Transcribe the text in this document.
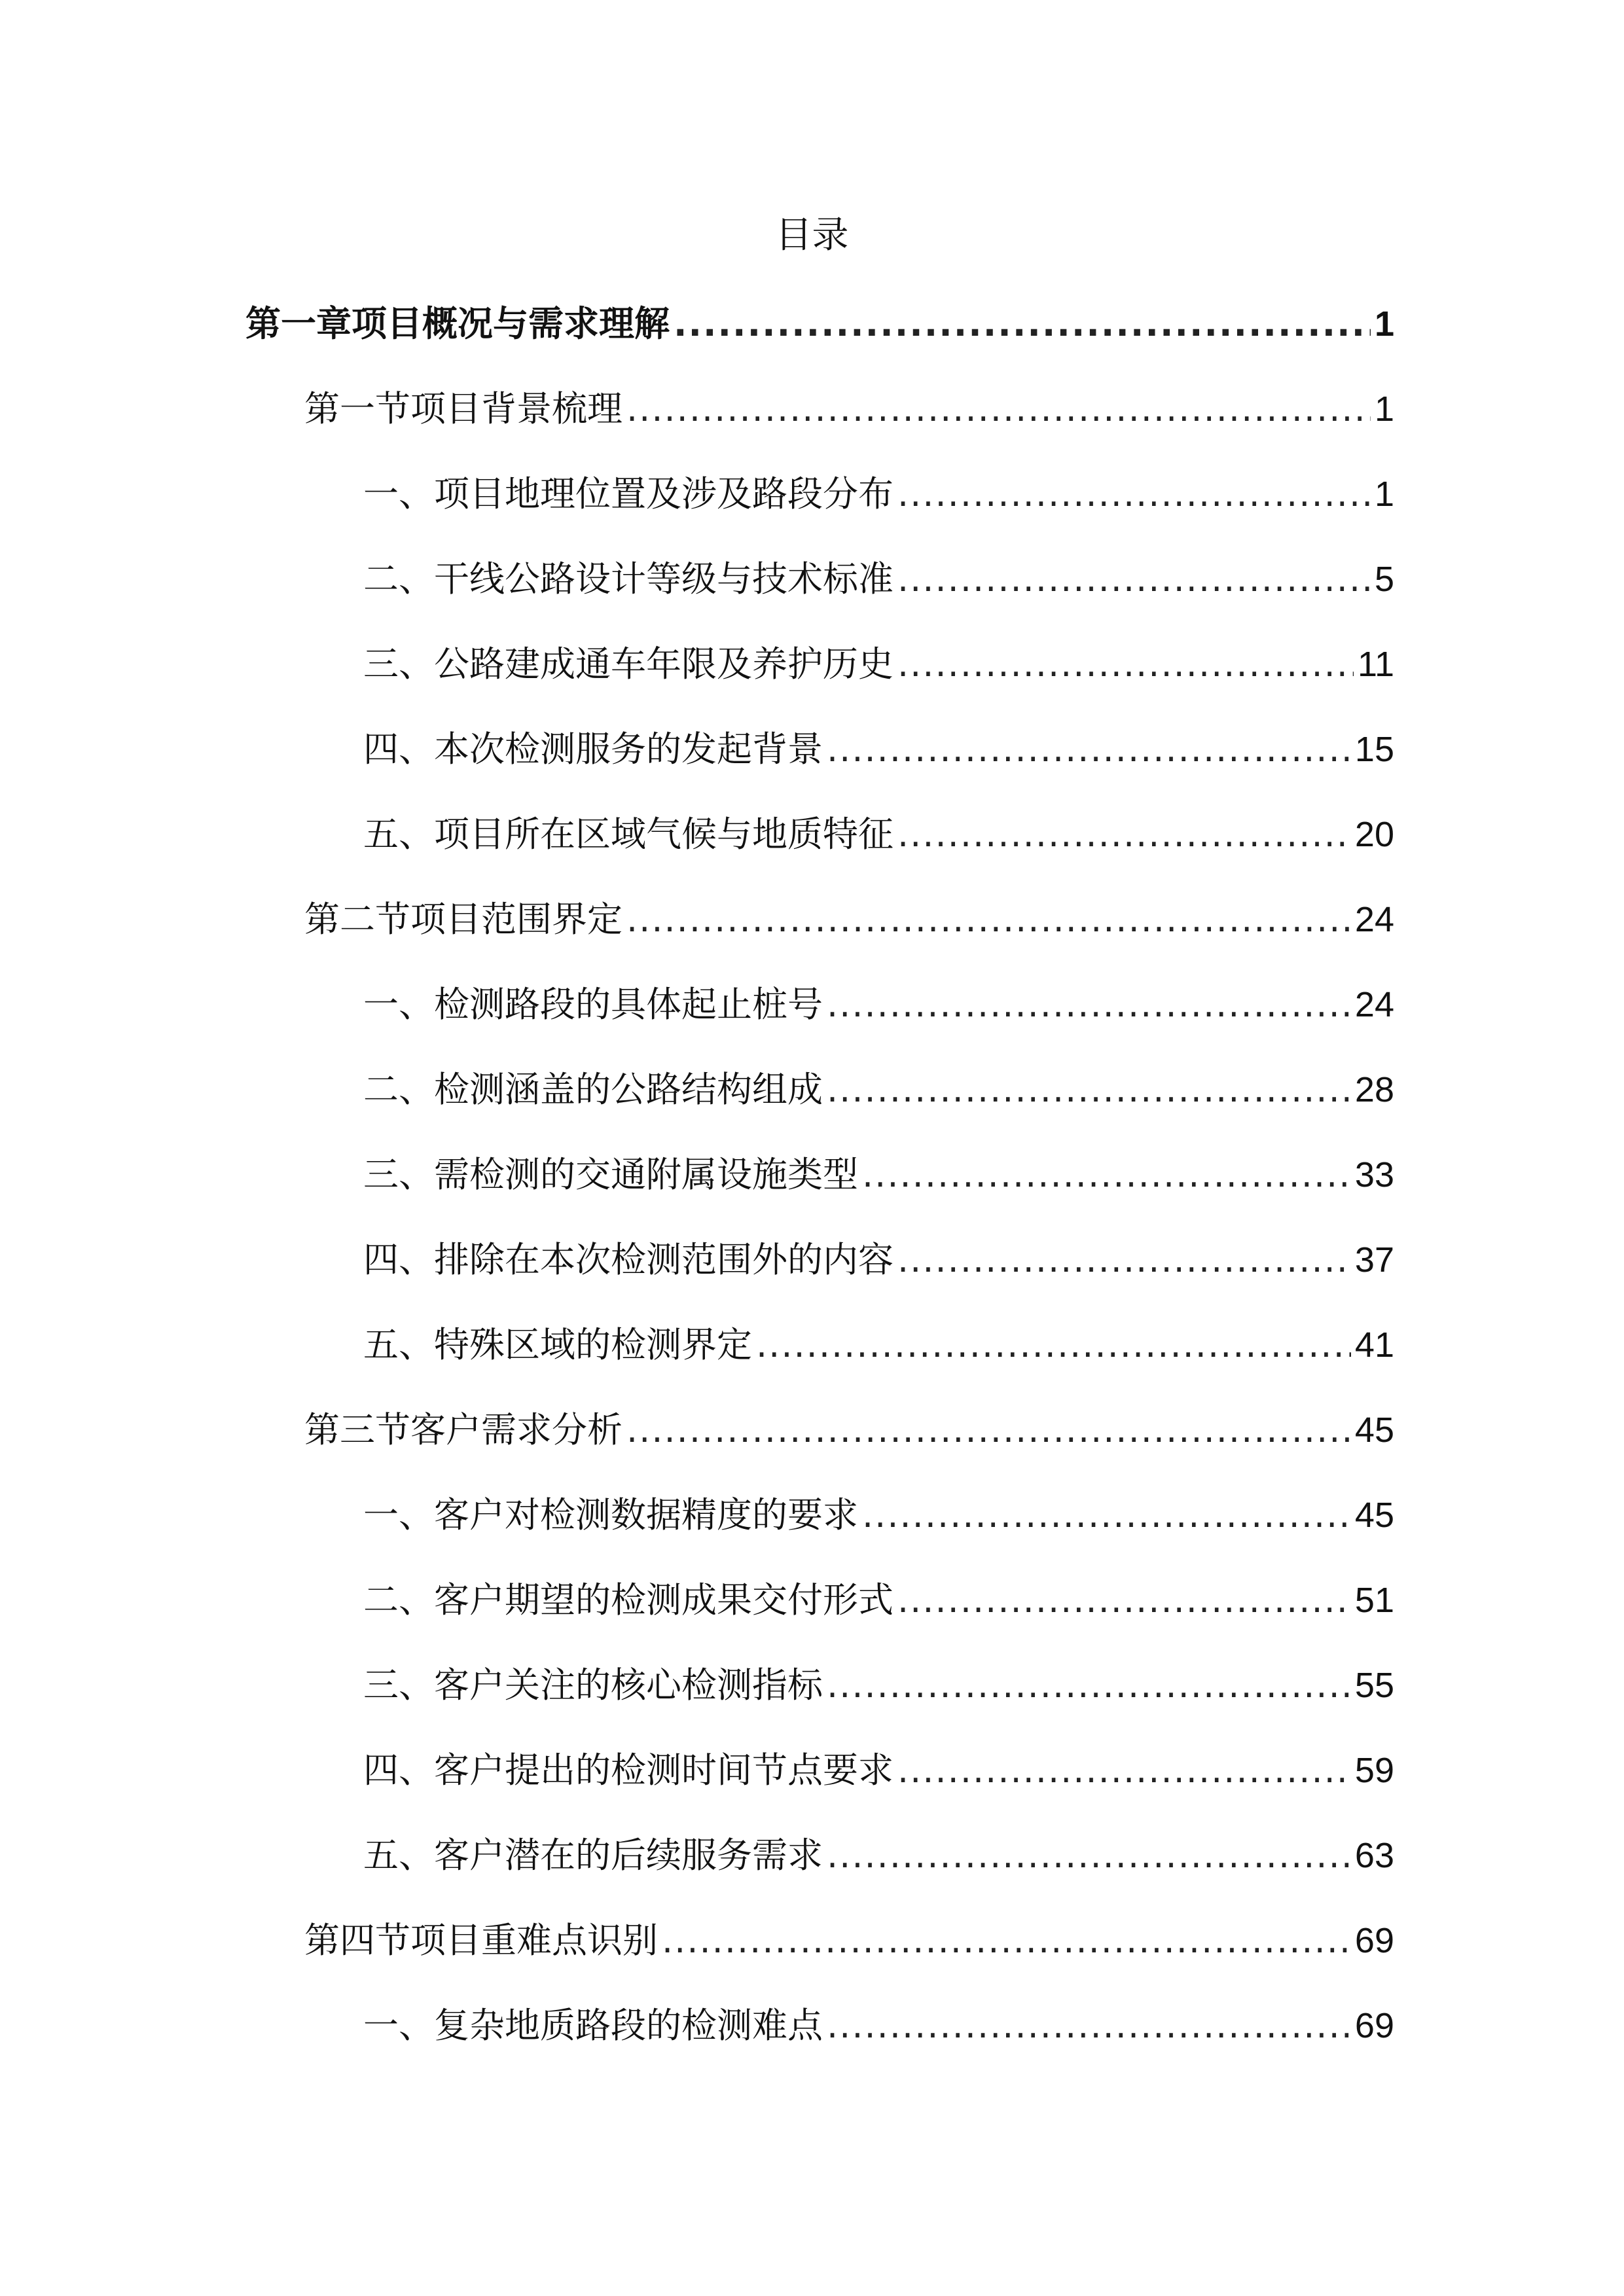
目录
第一章项目概况与需求理解 .....	1
第一节项目背景梳理 .....	1
一、项目地理位置及涉及路段分布 .....	1
二、干线公路设计等级与技术标准 .....	5
三、公路建成通车年限及养护历史 .....	11
四、本次检测服务的发起背景 .....	15
五、项目所在区域气候与地质特征 .....	20
第二节项目范围界定 .....	24
一、检测路段的具体起止桩号 .....	24
二、检测涵盖的公路结构组成 .....	28
三、需检测的交通附属设施类型 .....	33
四、排除在本次检测范围外的内容 .....	37
五、特殊区域的检测界定 .....	41
第三节客户需求分析 .....	45
一、客户对检测数据精度的要求 .....	45
二、客户期望的检测成果交付形式 .....	51
三、客户关注的核心检测指标 .....	55
四、客户提出的检测时间节点要求 .....	59
五、客户潜在的后续服务需求 .....	63
第四节项目重难点识别 .....	69
一、复杂地质路段的检测难点 .....	69
